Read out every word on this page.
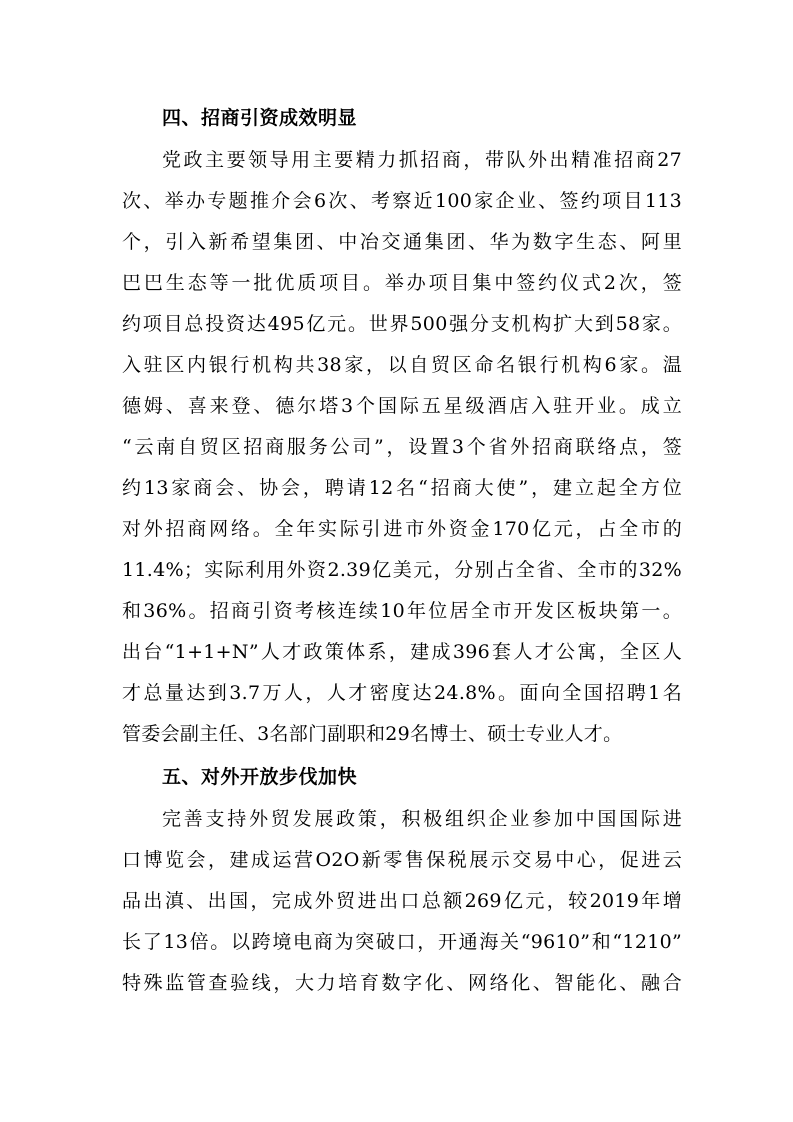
四、招商引资成效明显

党政主要领导用主要精力抓招商，带队外出精准招商27
次、举办专题推介会6次、考察近100家企业、签约项目113
个，引入新希望集团、中冶交通集团、华为数字生态、阿里
巴巴生态等一批优质项目。举办项目集中签约仪式2次，签
约项目总投资达495亿元。世界500强分支机构扩大到58家。
入驻区内银行机构共38家，以自贸区命名银行机构6家。温
德姆、喜来登、德尔塔3个国际五星级酒店入驻开业。成立
“云南自贸区招商服务公司”，设置3个省外招商联络点，签
约13家商会、协会，聘请12名“招商大使”，建立起全方位
对外招商网络。全年实际引进市外资金170亿元，占全市的
11.4%；实际利用外资2.39亿美元，分别占全省、全市的32%
和36%。招商引资考核连续10年位居全市开发区板块第一。
出台“1+1+N”人才政策体系，建成396套人才公寓，全区人
才总量达到3.7万人，人才密度达24.8%。面向全国招聘1名
管委会副主任、3名部门副职和29名博士、硕士专业人才。

五、对外开放步伐加快

完善支持外贸发展政策，积极组织企业参加中国国际进
口博览会，建成运营O2O新零售保税展示交易中心，促进云
品出滇、出国，完成外贸进出口总额269亿元，较2019年增
长了13倍。以跨境电商为突破口，开通海关“9610”和“1210”
特殊监管查验线，大力培育数字化、网络化、智能化、融合
